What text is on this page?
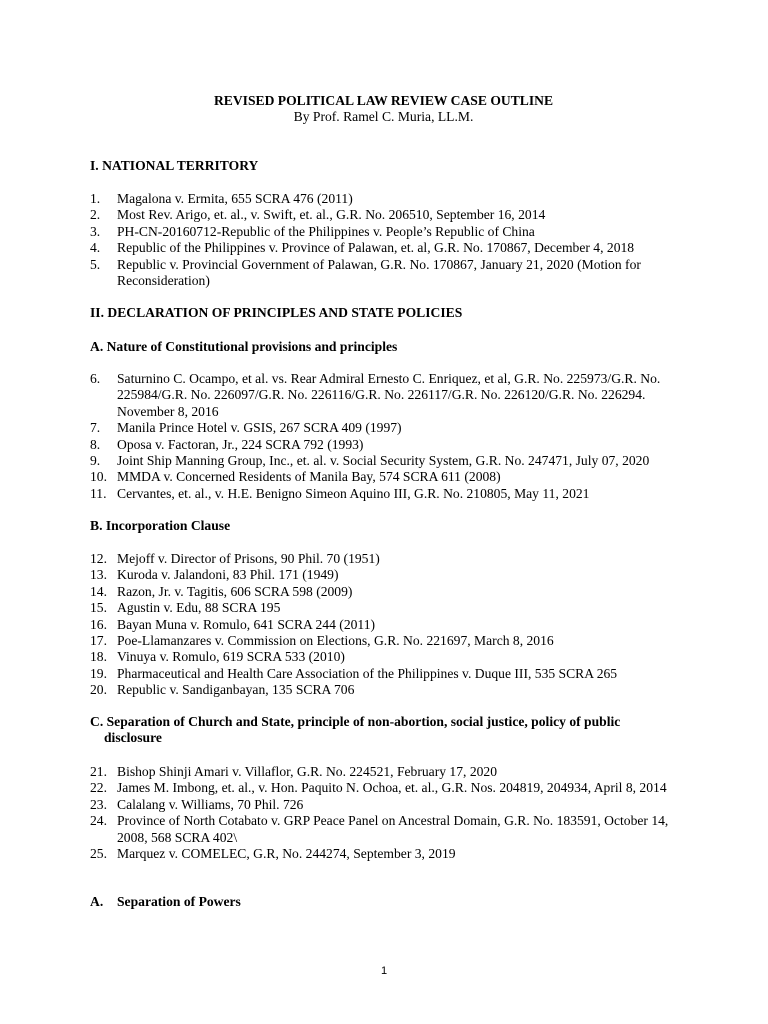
REVISED POLITICAL LAW REVIEW CASE OUTLINE
By Prof. Ramel C. Muria, LL.M.
I. NATIONAL TERRITORY
1.	Magalona v. Ermita, 655 SCRA 476 (2011)
2.	Most Rev. Arigo, et. al., v. Swift, et. al., G.R. No. 206510, September 16, 2014
3.	PH-CN-20160712-Republic of the Philippines v. People’s Republic of China
4.	Republic of the Philippines v. Province of Palawan, et. al, G.R. No. 170867, December 4, 2018
5.	Republic v. Provincial Government of Palawan, G.R. No. 170867, January 21, 2020 (Motion for Reconsideration)
II. DECLARATION OF PRINCIPLES AND STATE POLICIES
A. Nature of Constitutional provisions and principles
6.	Saturnino C. Ocampo, et al. vs. Rear Admiral Ernesto C. Enriquez, et al, G.R. No. 225973/G.R. No. 225984/G.R. No. 226097/G.R. No. 226116/G.R. No. 226117/G.R. No. 226120/G.R. No. 226294. November 8, 2016
7.	Manila Prince Hotel v. GSIS, 267 SCRA 409 (1997)
8.	Oposa v. Factoran, Jr., 224 SCRA 792 (1993)
9.	Joint Ship Manning Group, Inc., et. al. v. Social Security System, G.R. No. 247471, July 07, 2020
10. MMDA v. Concerned Residents of Manila Bay, 574 SCRA 611 (2008)
11. Cervantes, et. al., v. H.E. Benigno Simeon Aquino III, G.R. No. 210805, May 11, 2021
B. Incorporation Clause
12. Mejoff v. Director of Prisons, 90 Phil. 70 (1951)
13. Kuroda v. Jalandoni, 83 Phil. 171 (1949)
14. Razon, Jr. v. Tagitis, 606 SCRA 598 (2009)
15. Agustin v. Edu, 88 SCRA 195
16. Bayan Muna v. Romulo, 641 SCRA 244 (2011)
17. Poe-Llamanzares v. Commission on Elections, G.R. No. 221697, March 8, 2016
18. Vinuya v. Romulo, 619 SCRA 533 (2010)
19. Pharmaceutical and Health Care Association of the Philippines v. Duque III, 535 SCRA 265
20. Republic v. Sandiganbayan, 135 SCRA 706
C. Separation of Church and State, principle of non-abortion, social justice, policy of public
disclosure
21. Bishop Shinji Amari v. Villaflor, G.R. No. 224521, February 17, 2020
22. James M. Imbong, et. al., v. Hon. Paquito N. Ochoa, et. al., G.R. Nos. 204819, 204934, April 8, 2014
23. Calalang v. Williams, 70 Phil. 726
24. Province of North Cotabato v. GRP Peace Panel on Ancestral Domain, G.R. No. 183591, October 14, 2008, 568 SCRA 402\
25. Marquez v. COMELEC, G.R, No. 244274, September 3, 2019
A. Separation of Powers
1
